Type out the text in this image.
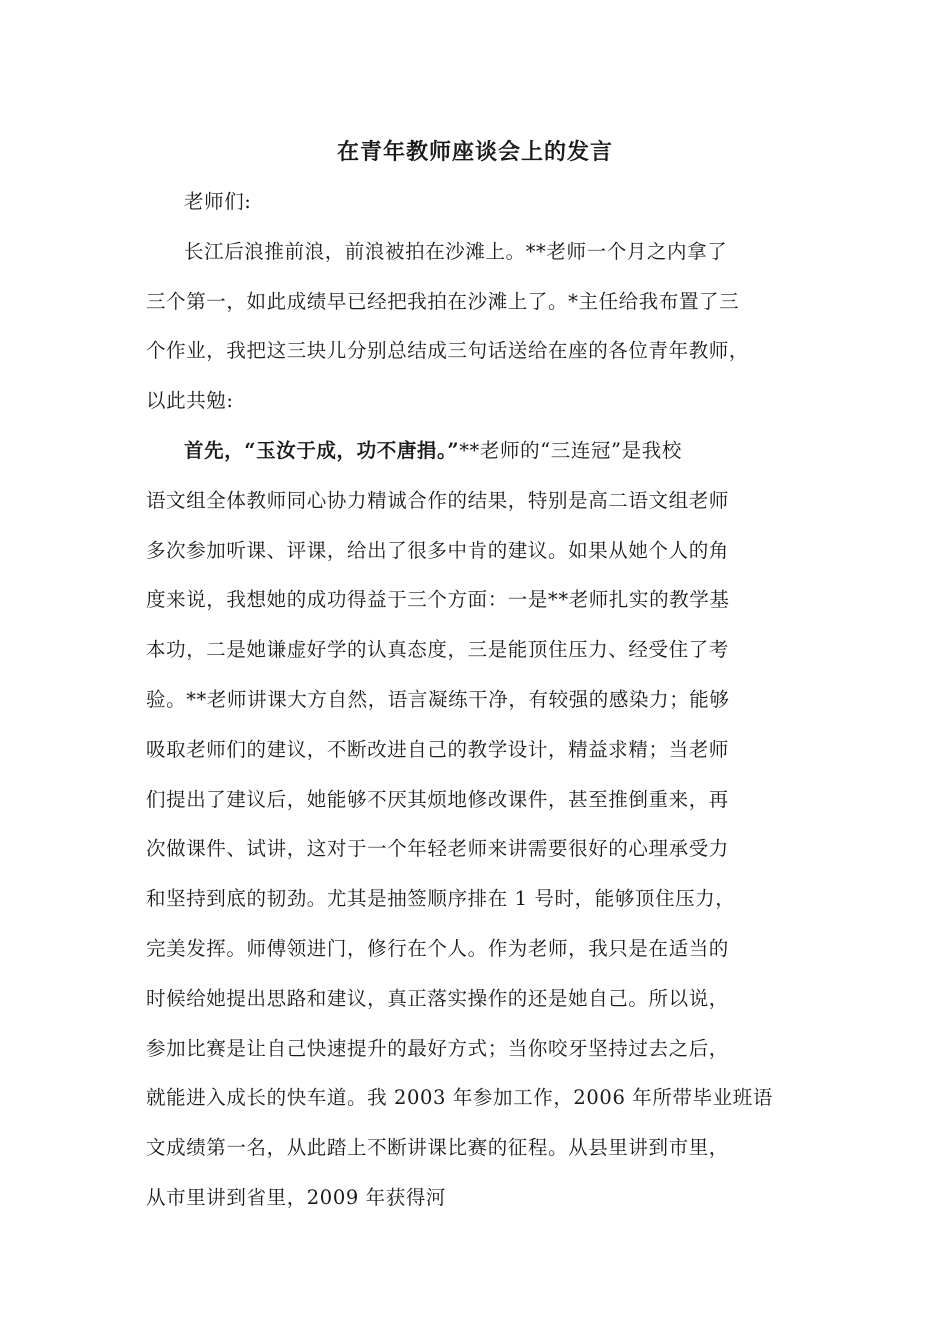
在青年教师座谈会上的发言
老师们:
长江后浪推前浪，前浪被拍在沙滩上。**老师一个月之内拿了
三个第一，如此成绩早已经把我拍在沙滩上了。*主任给我布置了三
个作业，我把这三块儿分别总结成三句话送给在座的各位青年教师，
以此共勉:
首先，“玉汝于成，功不唐捐。”**老师的“三连冠”是我校
语文组全体教师同心协力精诚合作的结果，特别是高二语文组老师
多次参加听课、评课，给出了很多中肯的建议。如果从她个人的角
度来说，我想她的成功得益于三个方面：一是**老师扎实的教学基
本功，二是她谦虚好学的认真态度，三是能顶住压力、经受住了考
验。**老师讲课大方自然，语言凝练干净，有较强的感染力；能够
吸取老师们的建议，不断改进自己的教学设计，精益求精；当老师
们提出了建议后，她能够不厌其烦地修改课件，甚至推倒重来，再
次做课件、试讲，这对于一个年轻老师来讲需要很好的心理承受力
和坚持到底的韧劲。尤其是抽签顺序排在 1 号时，能够顶住压力，
完美发挥。师傅领进门，修行在个人。作为老师，我只是在适当的
时候给她提出思路和建议，真正落实操作的还是她自己。所以说，
参加比赛是让自己快速提升的最好方式；当你咬牙坚持过去之后，
就能进入成长的快车道。我 2003 年参加工作，2006 年所带毕业班语
文成绩第一名，从此踏上不断讲课比赛的征程。从县里讲到市里，
从市里讲到省里，2009 年获得河
